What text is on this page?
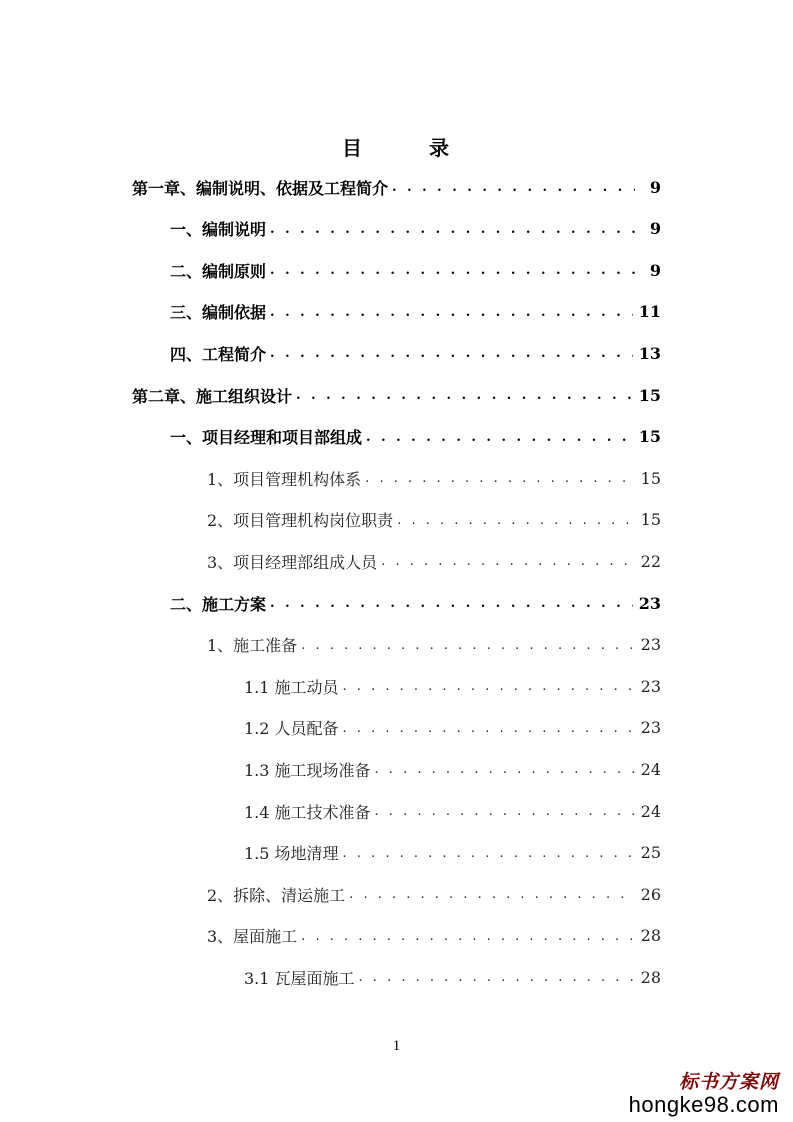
目 录
第一章、编制说明、依据及工程简介 . . .	9
一、编制说明 . . .	9
二、编制原则 . . .	9
三、编制依据 . . .	11
四、工程简介 . . .	13
第二章、施工组织设计 . . .	15
一、项目经理和项目部组成 . . .	15
1、项目管理机构体系 . . .	15
2、项目管理机构岗位职责 . . .	15
3、项目经理部组成人员 . . .	22
二、施工方案 . . .	23
1、施工准备 . . .	23
1.1 施工动员 . . .	23
1.2 人员配备 . . .	23
1.3 施工现场准备 . . .	24
1.4 施工技术准备 . . .	24
1.5 场地清理 . . .	25
2、拆除、清运施工 . . .	26
3、屋面施工 . . .	28
3.1 瓦屋面施工 . . .	28
1
标书方案网
hongke98.com
